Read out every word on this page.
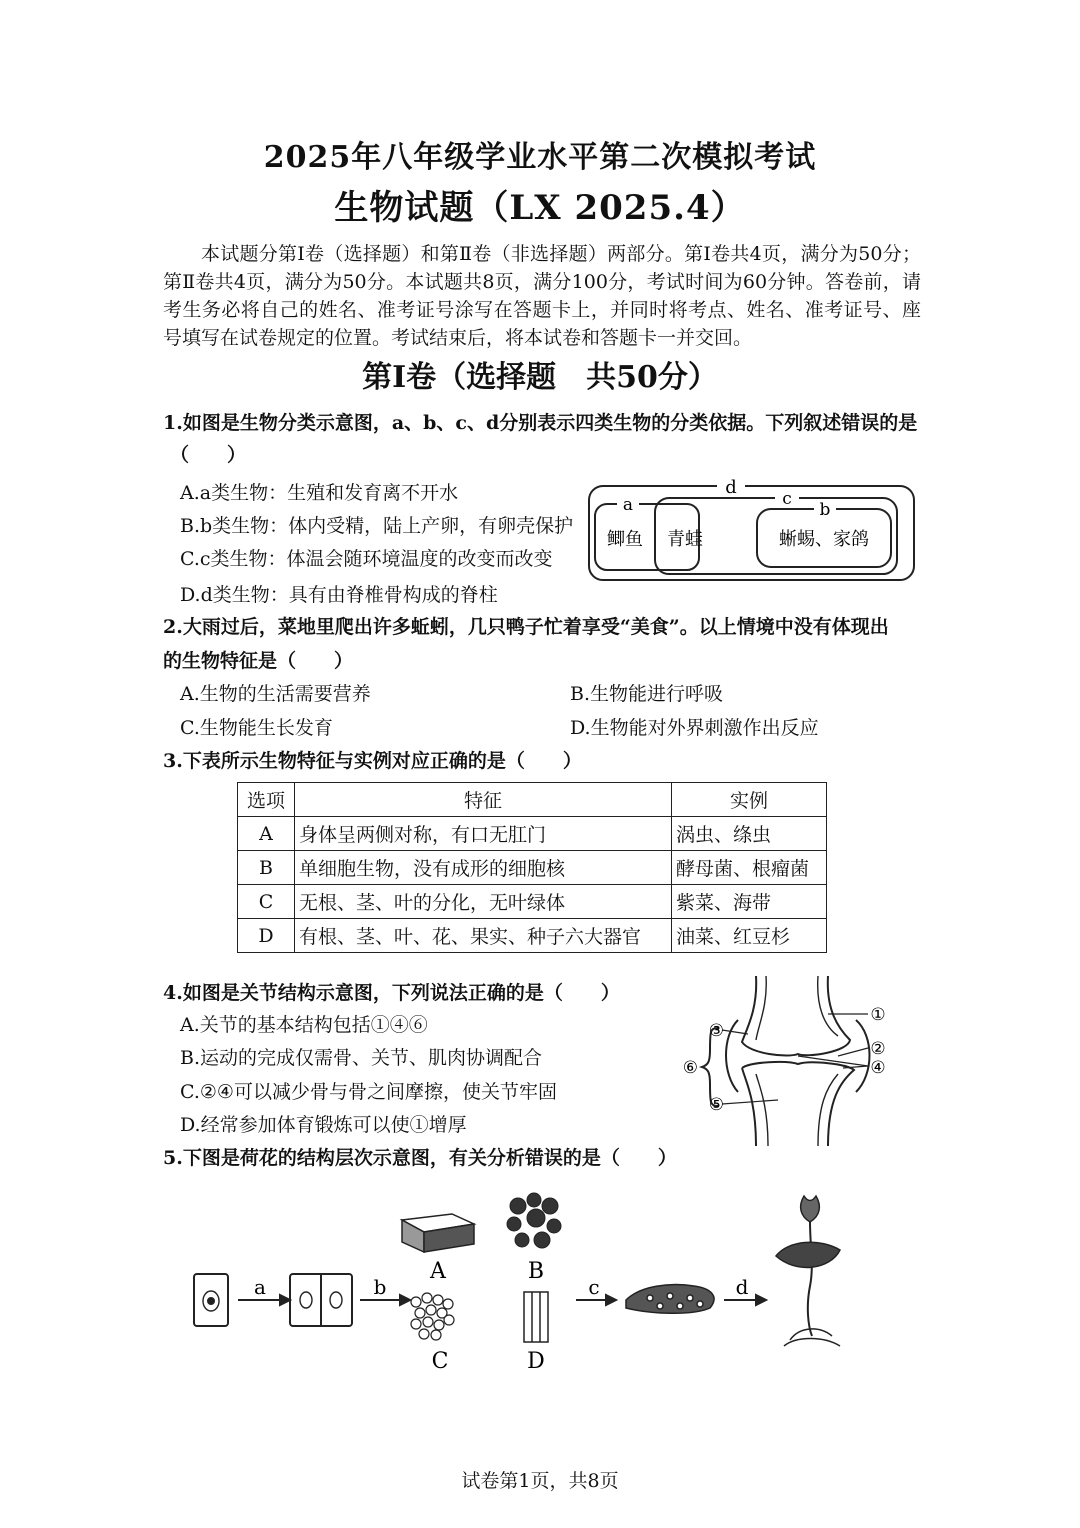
2025年八年级学业水平第二次模拟考试
生物试题（LX 2025.4）
本试题分第Ⅰ卷（选择题）和第Ⅱ卷（非选择题）两部分。第Ⅰ卷共4页，满分为50分；第Ⅱ卷共4页，满分为50分。本试题共8页，满分100分，考试时间为60分钟。答卷前，请考生务必将自己的姓名、准考证号涂写在答题卡上，并同时将考点、姓名、准考证号、座号填写在试卷规定的位置。考试结束后，将本试卷和答题卡一并交回。
第Ⅰ卷（选择题　共50分）
1.如图是生物分类示意图，a、b、c、d分别表示四类生物的分类依据。下列叙述错误的是
（　　）
A.a类生物：生殖和发育离不开水
B.b类生物：体内受精，陆上产卵，有卵壳保护
C.c类生物：体温会随环境温度的改变而改变
D.d类生物：具有由脊椎骨构成的脊柱
d
c
a	b
鲫鱼 青蛙	蜥蜴、家鸽
2.大雨过后，菜地里爬出许多蚯蚓，几只鸭子忙着享受“美食”。以上情境中没有体现出
的生物特征是（　　）
A.生物的生活需要营养	B.生物能进行呼吸
C.生物能生长发育	D.生物能对外界刺激作出反应
3.下表所示生物特征与实例对应正确的是（　　）
选项	特征	实例
A	身体呈两侧对称，有口无肛门	涡虫、绦虫
B	单细胞生物，没有成形的细胞核	酵母菌、根瘤菌
C	无根、茎、叶的分化，无叶绿体	紫菜、海带
D	有根、茎、叶、花、果实、种子六大器官	油菜、红豆杉
4.如图是关节结构示意图，下列说法正确的是（　　）
A.关节的基本结构包括①④⑥
B.运动的完成仅需骨、关节、肌肉协调配合
C.②④可以减少骨与骨之间摩擦，使关节牢固
D.经常参加体育锻炼可以使①增厚
①
②
③
④
⑤
⑥
5.下图是荷花的结构层次示意图，有关分析错误的是（　　）
a	b	c	d
A	B
C	D
试卷第1页，共8页
